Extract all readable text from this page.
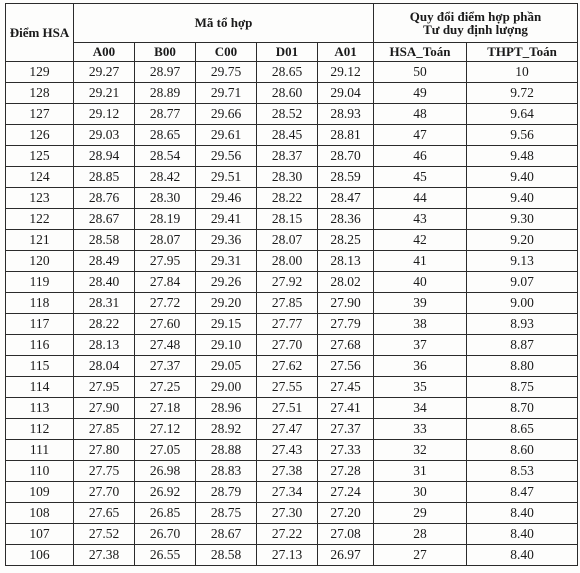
Điểm HSA	Mã tổ hợp					Quy đổi điểm hợp phần
Tư duy định lượng	

	A00	B00	C00	D01	A01	HSA_Toán	THPT_Toán
129	29.27	28.97	29.75	28.65	29.12	50	10
128	29.21	28.89	29.71	28.60	29.04	49	9.72
127	29.12	28.77	29.66	28.52	28.93	48	9.64
126	29.03	28.65	29.61	28.45	28.81	47	9.56
125	28.94	28.54	29.56	28.37	28.70	46	9.48
124	28.85	28.42	29.51	28.30	28.59	45	9.40
123	28.76	28.30	29.46	28.22	28.47	44	9.40
122	28.67	28.19	29.41	28.15	28.36	43	9.30
121	28.58	28.07	29.36	28.07	28.25	42	9.20
120	28.49	27.95	29.31	28.00	28.13	41	9.13
119	28.40	27.84	29.26	27.92	28.02	40	9.07
118	28.31	27.72	29.20	27.85	27.90	39	9.00
117	28.22	27.60	29.15	27.77	27.79	38	8.93
116	28.13	27.48	29.10	27.70	27.68	37	8.87
115	28.04	27.37	29.05	27.62	27.56	36	8.80
114	27.95	27.25	29.00	27.55	27.45	35	8.75
113	27.90	27.18	28.96	27.51	27.41	34	8.70
112	27.85	27.12	28.92	27.47	27.37	33	8.65
111	27.80	27.05	28.88	27.43	27.33	32	8.60
110	27.75	26.98	28.83	27.38	27.28	31	8.53
109	27.70	26.92	28.79	27.34	27.24	30	8.47
108	27.65	26.85	28.75	27.30	27.20	29	8.40
107	27.52	26.70	28.67	27.22	27.08	28	8.40
106	27.38	26.55	28.58	27.13	26.97	27	8.40
